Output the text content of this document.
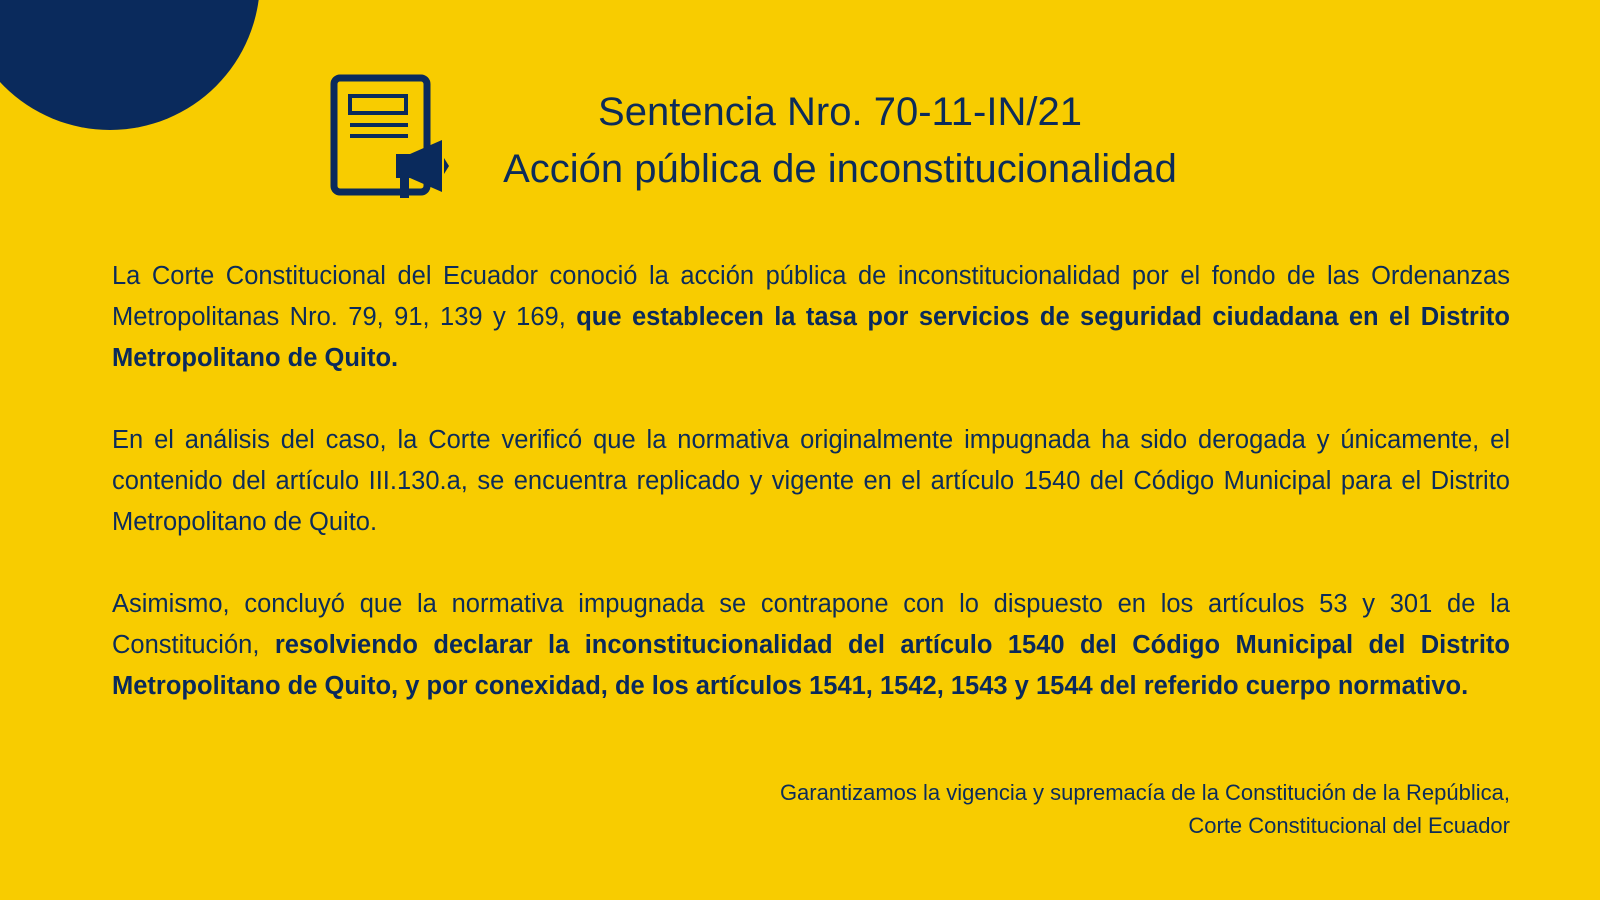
Sentencia Nro. 70-11-IN/21
Acción pública de inconstitucionalidad

La Corte Constitucional del Ecuador conoció la acción pública de inconstitucionalidad por el fondo de las Ordenanzas Metropolitanas Nro. 79, 91, 139 y 169, que establecen la tasa por servicios de seguridad ciudadana en el Distrito Metropolitano de Quito.

En el análisis del caso, la Corte verificó que la normativa originalmente impugnada ha sido derogada y únicamente, el contenido del artículo III.130.a, se encuentra replicado y vigente en el artículo 1540 del Código Municipal para el Distrito Metropolitano de Quito.

Asimismo, concluyó que la normativa impugnada se contrapone con lo dispuesto en los artículos 53 y 301 de la Constitución, resolviendo declarar la inconstitucionalidad del artículo 1540 del Código Municipal del Distrito Metropolitano de Quito, y por conexidad, de los artículos 1541, 1542, 1543 y 1544 del referido cuerpo normativo.

Garantizamos la vigencia y supremacía de la Constitución de la República,
Corte Constitucional del Ecuador
